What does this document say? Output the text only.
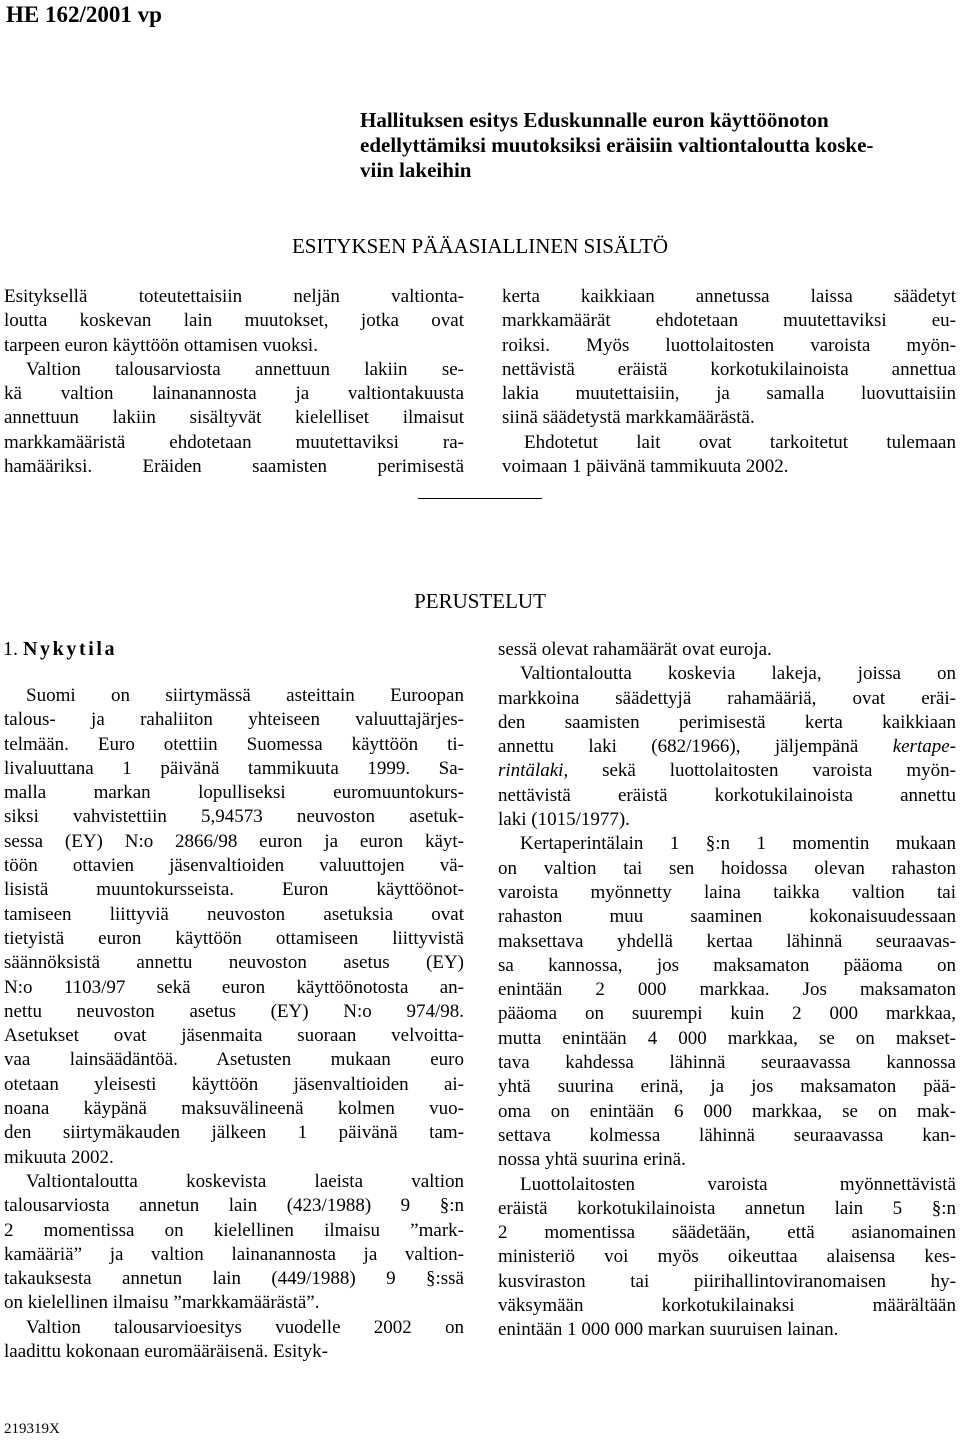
HE 162/2001 vp
Hallituksen esitys Eduskunnalle euron käyttöönoton
edellyttämiksi muutoksiksi eräisiin valtiontaloutta koske-
viin lakeihin
ESITYKSEN PÄÄASIALLINEN SISÄLTÖ
Esityksellä toteutettaisiin neljän valtionta-
loutta koskevan lain muutokset, jotka ovat
tarpeen euron käyttöön ottamisen vuoksi.
Valtion talousarviosta annettuun lakiin se-
kä valtion lainanannosta ja valtiontakuusta
annettuun lakiin sisältyvät kielelliset ilmaisut
markkamääristä ehdotetaan muutettaviksi ra-
hamääriksi. Eräiden saamisten perimisestä
kerta kaikkiaan annetussa laissa säädetyt
markkamäärät ehdotetaan muutettaviksi eu-
roiksi. Myös luottolaitosten varoista myön-
nettävistä eräistä korkotukilainoista annettua
lakia muutettaisiin, ja samalla luovuttaisiin
siinä säädetystä markkamäärästä.
Ehdotetut lait ovat tarkoitetut tulemaan
voimaan 1 päivänä tammikuuta 2002.
PERUSTELUT
1. Nykytila
Suomi on siirtymässä asteittain Euroopan
talous- ja rahaliiton yhteiseen valuuttajärjes-
telmään. Euro otettiin Suomessa käyttöön ti-
livaluuttana 1 päivänä tammikuuta 1999. Sa-
malla markan lopulliseksi euromuuntokurs-
siksi vahvistettiin 5,94573 neuvoston asetuk-
sessa (EY) N:o 2866/98 euron ja euron käyt-
töön ottavien jäsenvaltioiden valuuttojen vä-
lisistä muuntokursseista. Euron käyttöönot-
tamiseen liittyviä neuvoston asetuksia ovat
tietyistä euron käyttöön ottamiseen liittyvistä
säännöksistä annettu neuvoston asetus (EY)
N:o 1103/97 sekä euron käyttöönotosta an-
nettu neuvoston asetus (EY) N:o 974/98.
Asetukset ovat jäsenmaita suoraan velvoitta-
vaa lainsäädäntöä. Asetusten mukaan euro
otetaan yleisesti käyttöön jäsenvaltioiden ai-
noana käypänä maksuvälineenä kolmen vuo-
den siirtymäkauden jälkeen 1 päivänä tam-
mikuuta 2002.
Valtiontaloutta koskevista laeista valtion
talousarviosta annetun lain (423/1988) 9 §:n
2 momentissa on kielellinen ilmaisu ”mark-
kamääriä” ja valtion lainanannosta ja valtion-
takauksesta annetun lain (449/1988) 9 §:ssä
on kielellinen ilmaisu ”markkamäärästä”.
Valtion talousarvioesitys vuodelle 2002 on
laadittu kokonaan euromääräisenä. Esityk-
sessä olevat rahamäärät ovat euroja.
Valtiontaloutta koskevia lakeja, joissa on
markkoina säädettyjä rahamääriä, ovat eräi-
den saamisten perimisestä kerta kaikkiaan
annettu laki (682/1966), jäljempänä kertape-
rintälaki, sekä luottolaitosten varoista myön-
nettävistä eräistä korkotukilainoista annettu
laki (1015/1977).
Kertaperintälain 1 §:n 1 momentin mukaan
on valtion tai sen hoidossa olevan rahaston
varoista myönnetty laina taikka valtion tai
rahaston muu saaminen kokonaisuudessaan
maksettava yhdellä kertaa lähinnä seuraavas-
sa kannossa, jos maksamaton pääoma on
enintään 2 000 markkaa. Jos maksamaton
pääoma on suurempi kuin 2 000 markkaa,
mutta enintään 4 000 markkaa, se on makset-
tava kahdessa lähinnä seuraavassa kannossa
yhtä suurina erinä, ja jos maksamaton pää-
oma on enintään 6 000 markkaa, se on mak-
settava kolmessa lähinnä seuraavassa kan-
nossa yhtä suurina erinä.
Luottolaitosten varoista myönnettävistä
eräistä korkotukilainoista annetun lain 5 §:n
2 momentissa säädetään, että asianomainen
ministeriö voi myös oikeuttaa alaisensa kes-
kusviraston tai piirihallintoviranomaisen hy-
väksymään korkotukilainaksi määrältään
enintään 1 000 000 markan suuruisen lainan.
219319X
